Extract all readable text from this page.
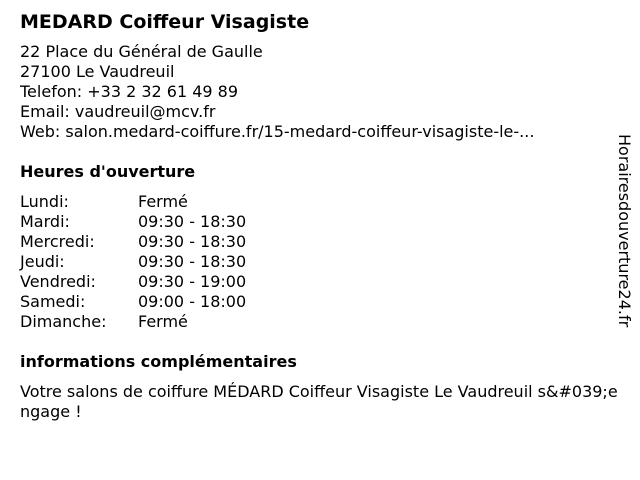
MEDARD Coiffeur Visagiste
22 Place du Général de Gaulle
27100 Le Vaudreuil
Telefon: +33 2 32 61 49 89
Email: vaudreuil@mcv.fr
Web: salon.medard-coiffure.fr/15-medard-coiffeur-visagiste-le-...
Heures d'ouverture
Lundi:	Fermé
Mardi:	09:30 - 18:30
Mercredi:	09:30 - 18:30
Jeudi:	09:30 - 18:30
Vendredi:	09:30 - 19:00
Samedi:	09:00 - 18:00
Dimanche:	Fermé
informations complémentaires
Votre salons de coiffure MÉDARD Coiffeur Visagiste Le Vaudreuil s&#039;engage !
Horairesdouverture24.fr
